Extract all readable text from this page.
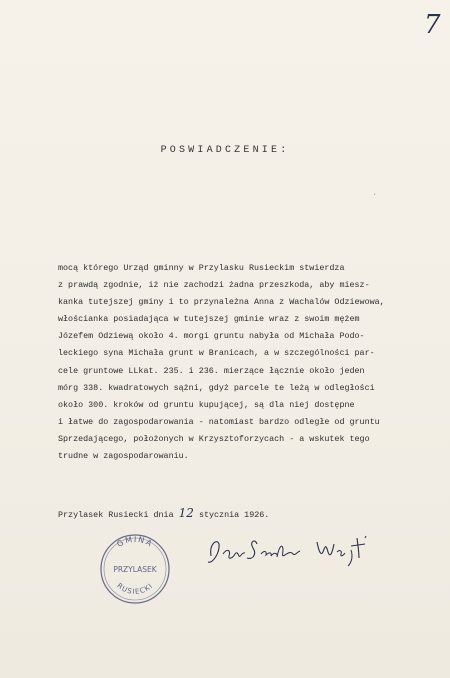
7
POSWIADCZENIE:
ˏ
mocą którego Urząd gminny w Przylasku Rusieckim stwierdza
z prawdą zgodnie, iż nie zachodzi żadna przeszkoda, aby miesz-
kanka tutejszej gminy i to przynależna Anna z Wachalów Odziewowa,
włościanka posiadająca w tutejszej gminie wraz z swoim mężem
Józefem Odziewą około 4. morgi gruntu nabyła od Michała Podo-
leckiego syna Michała grunt w Branicach, a w szczególności par-
cele gruntowe LLkat. 235. i 236. mierzące łącznie około jeden
mórg 338. kwadratowych sążni, gdyż parcele te leżą w odległości
około 300. kroków od gruntu kupującej, są dla niej dostępne
i łatwe do zagospodarowania - natomiast bardzo odległe od gruntu
Sprzedającego, położonych w Krzysztoforzycach - a wskutek tego
trudne w zagospodarowaniu.
Przylasek Rusiecki dnia 12 stycznia 1926.
GMINA
PRZYLASEK
RUSIECKI
